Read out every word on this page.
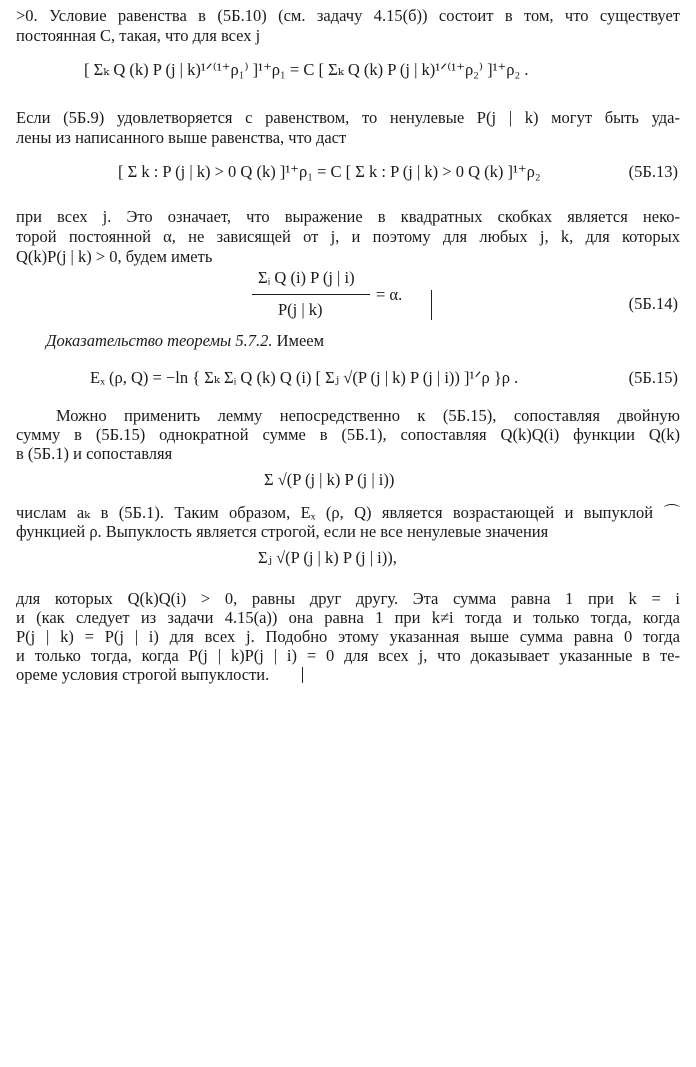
>0. Условие равенства в (5Б.10) (см. задачу 4.15(б)) состоит в том, что существует
постоянная C, такая, что для всех j
[ Σₖ Q (k) P (j | k)¹ᐟ⁽¹⁺ρ₁⁾ ]¹⁺ρ₁ = C [ Σₖ Q (k) P (j | k)¹ᐟ⁽¹⁺ρ₂⁾ ]¹⁺ρ₂ .
Если (5Б.9) удовлетворяется с равенством, то ненулевые P(j | k) могут быть уда-
лены из написанного выше равенства, что даст
[ Σ k : P (j | k) > 0 Q (k) ]¹⁺ρ₁ = C [ Σ k : P (j | k) > 0 Q (k) ]¹⁺ρ₂	(5Б.13)
при всех j. Это означает, что выражение в квадратных скобках является неко-
торой постоянной α, не зависящей от j, и поэтому для любых j, k, для которых
Q(k)P(j | k) > 0, будем иметь
Σᵢ Q (i) P (j | i)
P(j | k)
= α.	(5Б.14)
Доказательство теоремы 5.7.2. Имеем
Eₓ (ρ, Q) = −ln { Σₖ Σᵢ Q (k) Q (i) [ Σⱼ √(P (j | k) P (j | i)) ]¹ᐟρ }ρ .	(5Б.15)
Можно применить лемму непосредственно к (5Б.15), сопоставляя двойную
сумму в (5Б.15) однократной сумме в (5Б.1), сопоставляя Q(k)Q(i) функции Q(k)
в (5Б.1) и сопоставляя
Σ √(P (j | k) P (j | i))
числам aₖ в (5Б.1). Таким образом, Eₓ (ρ, Q) является возрастающей и выпуклой ⌒
функцией ρ. Выпуклость является строгой, если не все ненулевые значения
Σⱼ √(P (j | k) P (j | i)),
для которых Q(k)Q(i) > 0, равны друг другу. Эта сумма равна 1 при k = i
и (как следует из задачи 4.15(а)) она равна 1 при k≠i тогда и только тогда, когда
P(j | k) = P(j | i) для всех j. Подобно этому указанная выше сумма равна 0 тогда
и только тогда, когда P(j | k)P(j | i) = 0 для всех j, что доказывает указанные в те-
ореме условия строгой выпуклости.
